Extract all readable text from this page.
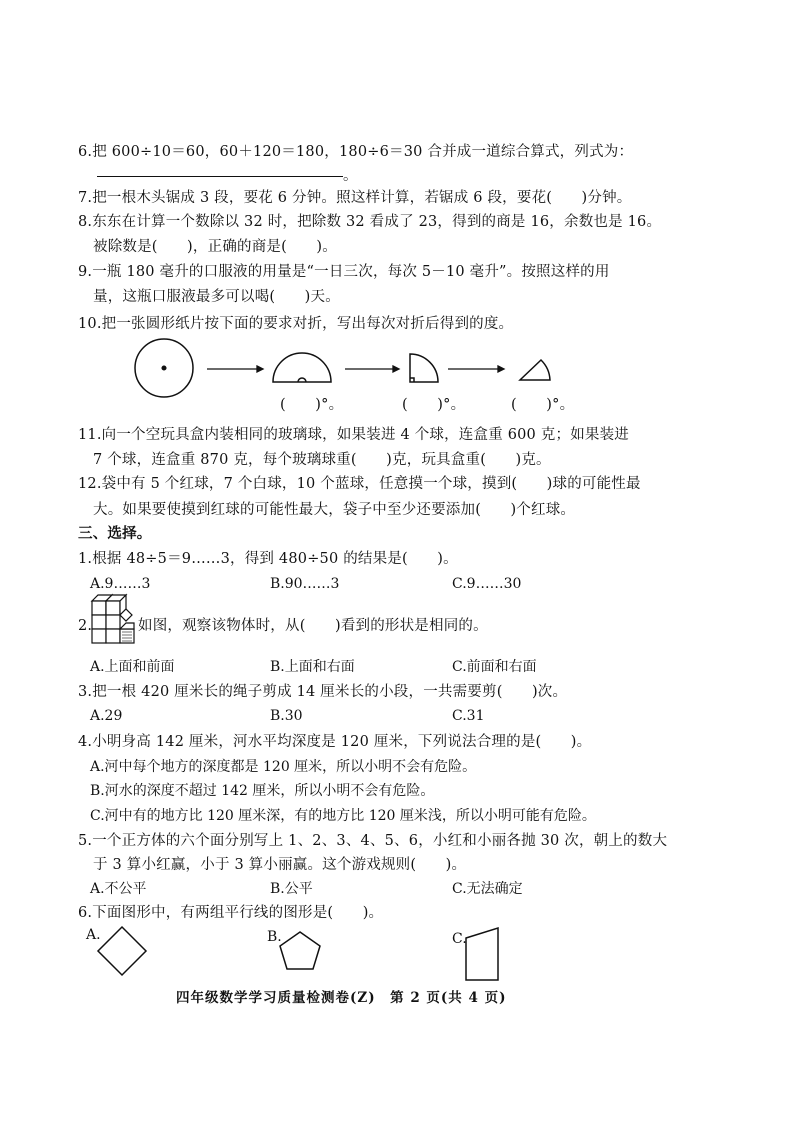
6.把 600÷10＝60，60＋120＝180，180÷6＝30 合并成一道综合算式，列式为：
。
7.把一根木头锯成 3 段，要花 6 分钟。照这样计算，若锯成 6 段，要花(　　)分钟。
8.东东在计算一个数除以 32 时，把除数 32 看成了 23，得到的商是 16，余数也是 16。
被除数是(　　)，正确的商是(　　)。
9.一瓶 180 毫升的口服液的用量是“一日三次，每次 5－10 毫升”。按照这样的用
量，这瓶口服液最多可以喝(　　)天。
10.把一张圆形纸片按下面的要求对折，写出每次对折后得到的度。
(　　)°。	(　　)°。	(　　)°。
11.向一个空玩具盒内装相同的玻璃球，如果装进 4 个球，连盒重 600 克；如果装进
7 个球，连盒重 870 克，每个玻璃球重(　　)克，玩具盒重(　　)克。
12.袋中有 5 个红球，7 个白球，10 个蓝球，任意摸一个球，摸到(　　)球的可能性最
大。如果要使摸到红球的可能性最大，袋子中至少还要添加(　　)个红球。
三、选择。
1.根据 48÷5＝9……3，得到 480÷50 的结果是(　　)。
A.9……3	B.90……3	C.9……30
2.	如图，观察该物体时，从(　　)看到的形状是相同的。
A.上面和前面	B.上面和右面	C.前面和右面
3.把一根 420 厘米长的绳子剪成 14 厘米长的小段，一共需要剪(　　)次。
A.29	B.30	C.31
4.小明身高 142 厘米，河水平均深度是 120 厘米，下列说法合理的是(　　)。
A.河中每个地方的深度都是 120 厘米，所以小明不会有危险。
B.河水的深度不超过 142 厘米，所以小明不会有危险。
C.河中有的地方比 120 厘米深，有的地方比 120 厘米浅，所以小明可能有危险。
5.一个正方体的六个面分别写上 1、2、3、4、5、6，小红和小丽各抛 30 次，朝上的数大
于 3 算小红赢，小于 3 算小丽赢。这个游戏规则(　　)。
A.不公平	B.公平	C.无法确定
6.下面图形中，有两组平行线的图形是(　　)。
A.	B.	C.
四年级数学学习质量检测卷(Z)　第 2 页(共 4 页)
